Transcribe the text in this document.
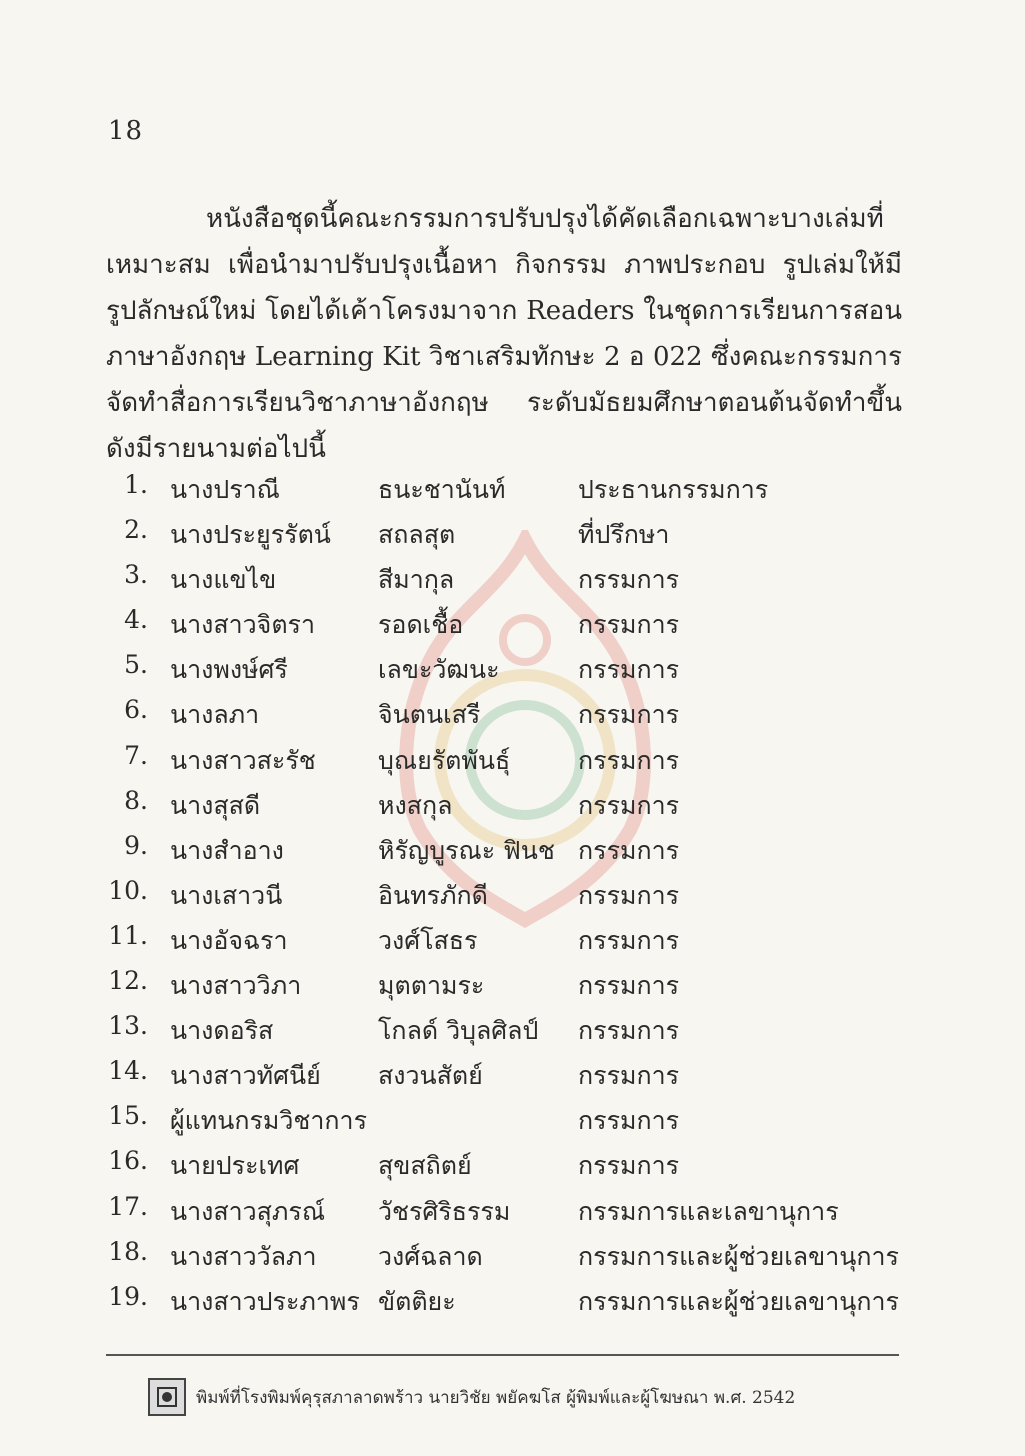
18
หนังสือชุดนี้คณะกรรมการปรับปรุงได้คัดเลือกเฉพาะบางเล่มที่
เหมาะสม เพื่อนำมาปรับปรุงเนื้อหา กิจกรรม ภาพประกอบ รูปเล่มให้มี
รูปลักษณ์ใหม่ โดยได้เค้าโครงมาจาก Readers ในชุดการเรียนการสอน
ภาษาอังกฤษ Learning Kit วิชาเสริมทักษะ 2 อ 022 ซึ่งคณะกรรมการ
จัดทำสื่อการเรียนวิชาภาษาอังกฤษ ระดับมัธยมศึกษาตอนต้นจัดทำขึ้น
ดังมีรายนามต่อไปนี้
1. นางปราณี	ธนะชานันท์	ประธานกรรมการ
2. นางประยูรรัตน์ สถลสุต	ที่ปรึกษา
3. นางแขไข	สีมากุล	กรรมการ
4. นางสาวจิตรา	รอดเชื้อ	กรรมการ
5. นางพงษ์ศรี	เลขะวัฒนะ	กรรมการ
6. นางลภา	จินตนเสรี	กรรมการ
7. นางสาวสะรัช บุณยรัตพันธุ์	กรรมการ
8. นางสุสดี	หงสกุล	กรรมการ
9. นางสำอาง	หิรัญบูรณะ ฟินช กรรมการ
10. นางเสาวนี	อินทรภักดี	กรรมการ
11. นางอัจฉรา	วงศ์โสธร	กรรมการ
12. นางสาววิภา	มุตตามระ	กรรมการ
13. นางดอริส	โกลด์ วิบุลศิลป์ กรรมการ
14. นางสาวทัศนีย์ สงวนสัตย์	กรรมการ
15. ผู้แทนกรมวิชาการ	กรรมการ
16. นายประเทศ	สุขสถิตย์	กรรมการ
17. นางสาวสุภรณ์ วัชรศิริธรรม	กรรมการและเลขานุการ
18. นางสาววัลภา วงศ์ฉลาด	กรรมการและผู้ช่วยเลขานุการ
19. นางสาวประภาพร ขัตติยะ	กรรมการและผู้ช่วยเลขานุการ
พิมพ์ที่โรงพิมพ์คุรุสภาลาดพร้าว นายวิชัย พยัคฆโส ผู้พิมพ์และผู้โฆษณา พ.ศ. 2542
